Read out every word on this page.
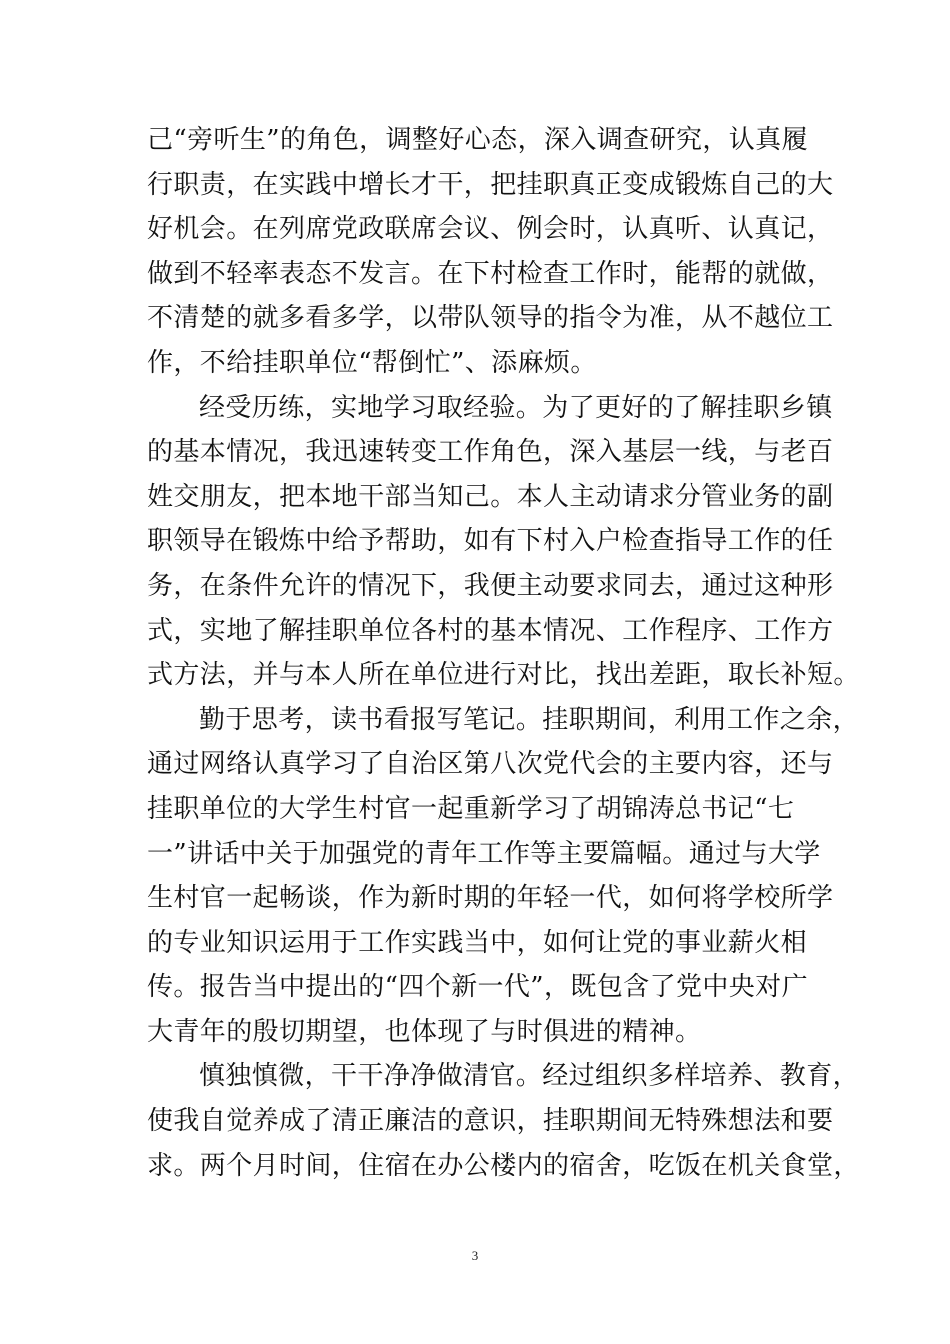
己“旁听生”的角色，调整好心态，深入调查研究，认真履
行职责，在实践中增长才干，把挂职真正变成锻炼自己的大
好机会。在列席党政联席会议、例会时，认真听、认真记，
做到不轻率表态不发言。在下村检查工作时，能帮的就做，
不清楚的就多看多学，以带队领导的指令为准，从不越位工
作，不给挂职单位“帮倒忙”、添麻烦。
经受历练，实地学习取经验。为了更好的了解挂职乡镇
的基本情况，我迅速转变工作角色，深入基层一线，与老百
姓交朋友，把本地干部当知己。本人主动请求分管业务的副
职领导在锻炼中给予帮助，如有下村入户检查指导工作的任
务，在条件允许的情况下，我便主动要求同去，通过这种形
式，实地了解挂职单位各村的基本情况、工作程序、工作方
式方法，并与本人所在单位进行对比，找出差距，取长补短。
勤于思考，读书看报写笔记。挂职期间，利用工作之余，
通过网络认真学习了自治区第八次党代会的主要内容，还与
挂职单位的大学生村官一起重新学习了胡锦涛总书记“七
一”讲话中关于加强党的青年工作等主要篇幅。通过与大学
生村官一起畅谈，作为新时期的年轻一代，如何将学校所学
的专业知识运用于工作实践当中，如何让党的事业薪火相
传。报告当中提出的“四个新一代”，既包含了党中央对广
大青年的殷切期望，也体现了与时俱进的精神。
慎独慎微，干干净净做清官。经过组织多样培养、教育，
使我自觉养成了清正廉洁的意识，挂职期间无特殊想法和要
求。两个月时间，住宿在办公楼内的宿舍，吃饭在机关食堂，
3
